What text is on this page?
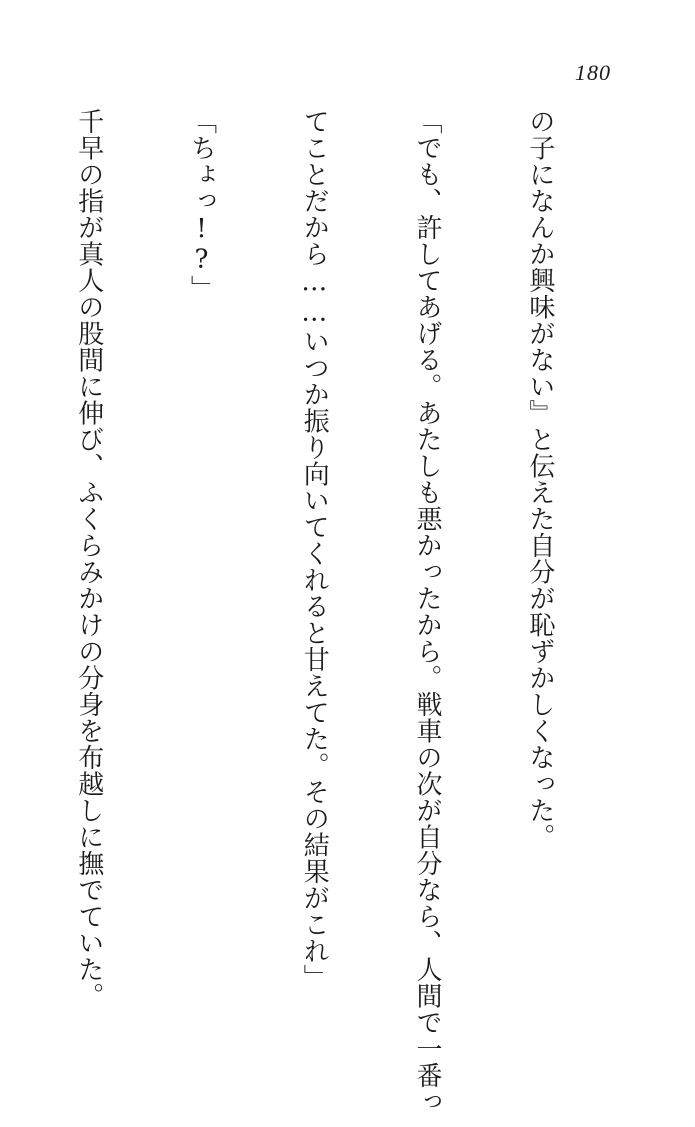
180

の子になんか興味がない』と伝えた自分が恥ずかしくなった。

「でも、許してあげる。あたしも悪かったから。戦車の次が自分なら、人間で一番っ

てことだから……いつか振り向いてくれると甘えてた。その結果がこれ」

「ちょっ!?」

千早の指が真人の股間に伸び、ふくらみかけの分身を布越しに撫でていた。
